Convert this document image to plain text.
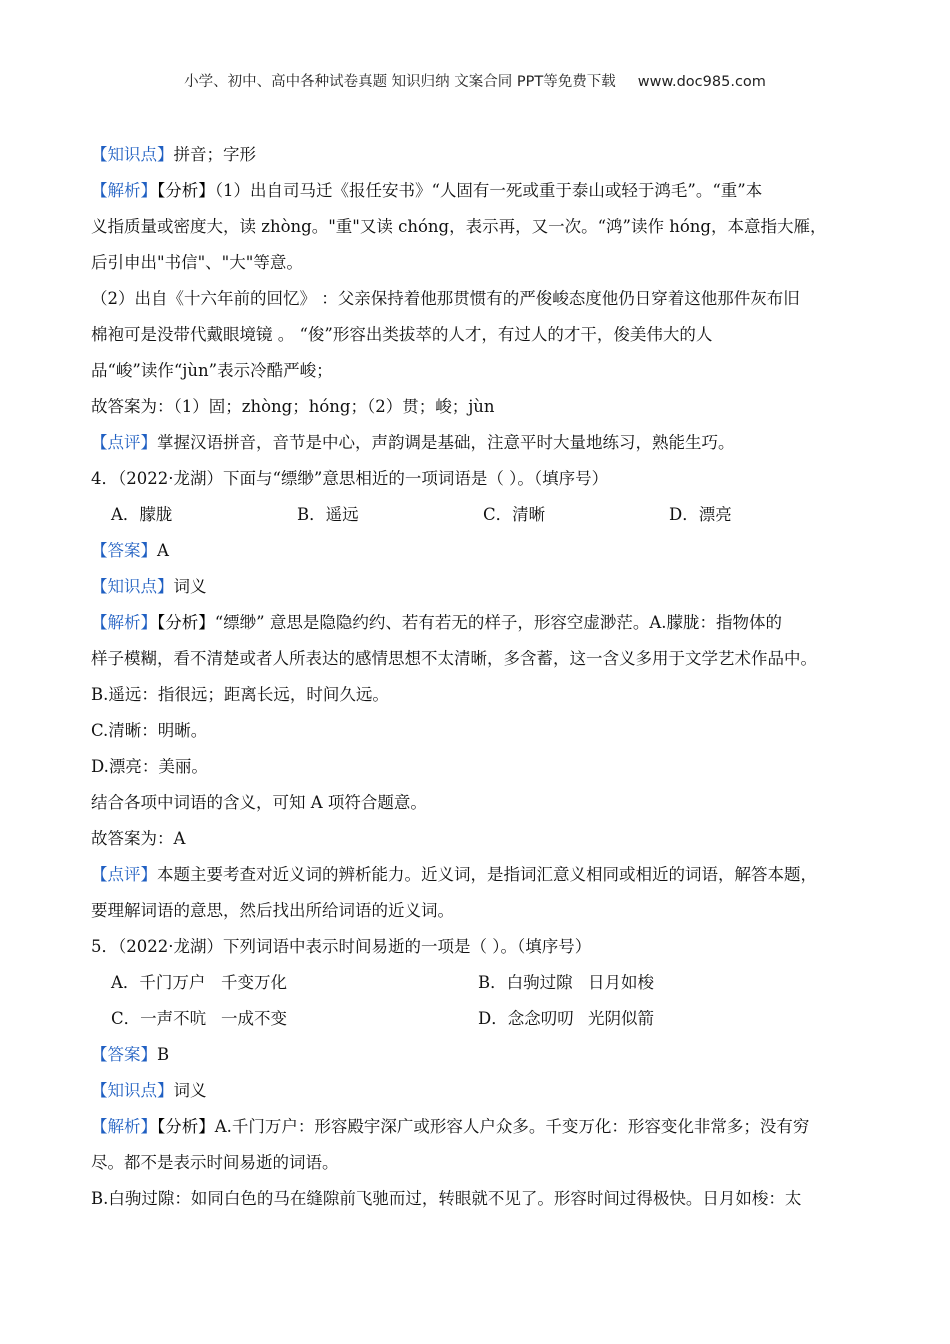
小学、初中、高中各种试卷真题 知识归纳 文案合同 PPT等免费下载 www.doc985.com
【知识点】拼音；字形
【解析】【分析】（1）出自司马迁《报任安书》“人固有一死或重于泰山或轻于鸿毛”。“重”本
义指质量或密度大，读 zhòng。"重"又读 chóng，表示再，又一次。“鸿”读作 hóng，本意指大雁，
后引申出"书信"、"大"等意。
（2）出自《十六年前的回忆》 ：父亲保持着他那贯惯有的严俊峻态度他仍日穿着这他那件灰布旧
棉袍可是没带代戴眼境镜 。 “俊”形容出类拔萃的人才，有过人的才干，俊美伟大的人
品“峻”读作“jùn”表示冷酷严峻；
故答案为：（1）固；zhòng；hóng；（2）贯；峻；jùn
【点评】掌握汉语拼音，音节是中心，声韵调是基础，注意平时大量地练习，熟能生巧。
4．（2022·龙湖）下面与“缥缈”意思相近的一项词语是（ ）。（填序号）
A．朦胧	B．遥远	C．清晰	D．漂亮
【答案】A
【知识点】词义
【解析】【分析】“缥缈” 意思是隐隐约约、若有若无的样子，形容空虚渺茫。A.朦胧：指物体的
样子模糊，看不清楚或者人所表达的感情思想不太清晰，多含蓄，这一含义多用于文学艺术作品中。
B.遥远：指很远；距离长远，时间久远。
C.清晰：明晰。
D.漂亮：美丽。
结合各项中词语的含义，可知 A 项符合题意。
故答案为：A
【点评】本题主要考查对近义词的辨析能力。近义词，是指词汇意义相同或相近的词语，解答本题，
要理解词语的意思，然后找出所给词语的近义词。
5．（2022·龙湖）下列词语中表示时间易逝的一项是（ ）。（填序号）
A．千门万户 千变万化	B．白驹过隙 日月如梭
C．一声不吭 一成不变	D．念念叨叨 光阴似箭
【答案】B
【知识点】词义
【解析】【分析】A.千门万户：形容殿宇深广或形容人户众多。千变万化：形容变化非常多；没有穷
尽。都不是表示时间易逝的词语。
B.白驹过隙：如同白色的马在缝隙前飞驰而过，转眼就不见了。形容时间过得极快。日月如梭：太
